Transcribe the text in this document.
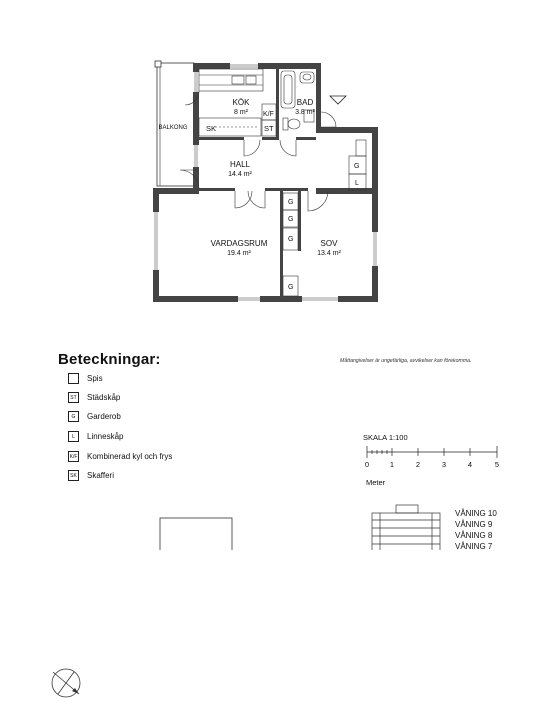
SK
K/F
ST
G
L
G
G
G
G
KÖK
8 m²
BAD
3.8 m²
HALL
14.4 m²
VARDAGSRUM
19.4 m²
SOV
13.4 m²
BALKONG
Beteckningar:
Spis
ST Städskåp
G	Garderob
L	Linneskåp
K/F Kombinerad kyl och frys
SK Skafferi
Måttangivelser är ungefärliga, avvikelser kan förekomma.
SKALA 1:100
0	1	2	3	4	5
Meter
VÅNING 10
VÅNING 9
VÅNING 8
VÅNING 7
